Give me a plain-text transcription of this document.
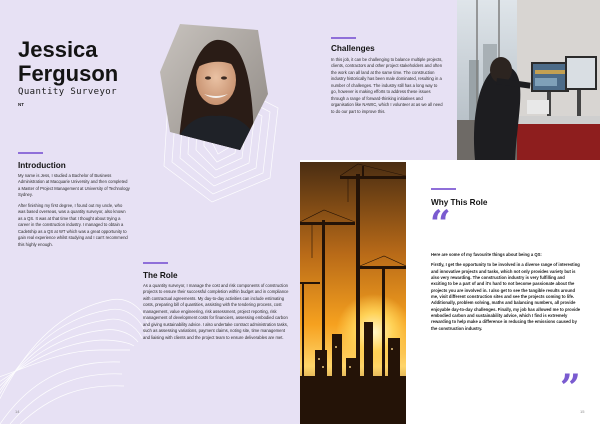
Jessica
Ferguson
Quantity Surveyor
NT
Introduction

My name is Jess, I studied a Bachelor of Business Administration at Macquarie University and then completed a Master of Project Management at University of Technology Sydney.

After finishing my first degree, I found out my uncle, who was based overseas, was a quantity surveyor, also known as a QS. It was at that time that I thought about trying a career in the construction industry. I managed to obtain a Cadetship as a QS at WT which was a great opportunity to gain real experience whilst studying and I can't recommend this highly enough.

The Role

As a quantity surveyor, I manage the cost and risk components of construction projects to ensure their successful completion within budget and in compliance with contractual agreements. My day-to-day activities can include estimating costs, preparing bill of quantities, assisting with the tendering process, cost management, value engineering, risk assessment, project reporting, risk management of development costs for financiers, assessing embodied carbon and giving sustainability advice. I also undertake contract administration tasks, such as assessing variations, payment claims, noting site, time management and liaising with clients and the project team to ensure deliverables are met.

14
Challenges

In this job, it can be challenging to balance multiple projects, clients, contractors and other project stakeholders and often the work can all land at the same time. The construction industry historically has been male dominated, resulting in a number of challenges. The industry still has a long way to go, however is making efforts to address these issues through a range of forward-thinking initiatives and organisation like NAWIC, which I volunteer at as we all need to do our part to improve this.

Why This Role
“

Here are some of my favourite things about being a QS:

Firstly, I get the opportunity to be involved in a diverse range of interesting and innovative projects and tasks, which not only provides variety but is also very rewarding. The construction industry is very fulfilling and exciting to be a part of and it's hard to not become passionate about the projects you are involved in. I also get to see the tangible results around me, visit different construction sites and see the projects coming to life. Additionally, problem solving, maths and balancing numbers, all provide enjoyable day-to-day challenges. Finally, my job has allowed me to provide embodied carbon and sustainability advice, which I find is extremely rewarding to help make a difference in reducing the emissions caused by the construction industry.

”
15
